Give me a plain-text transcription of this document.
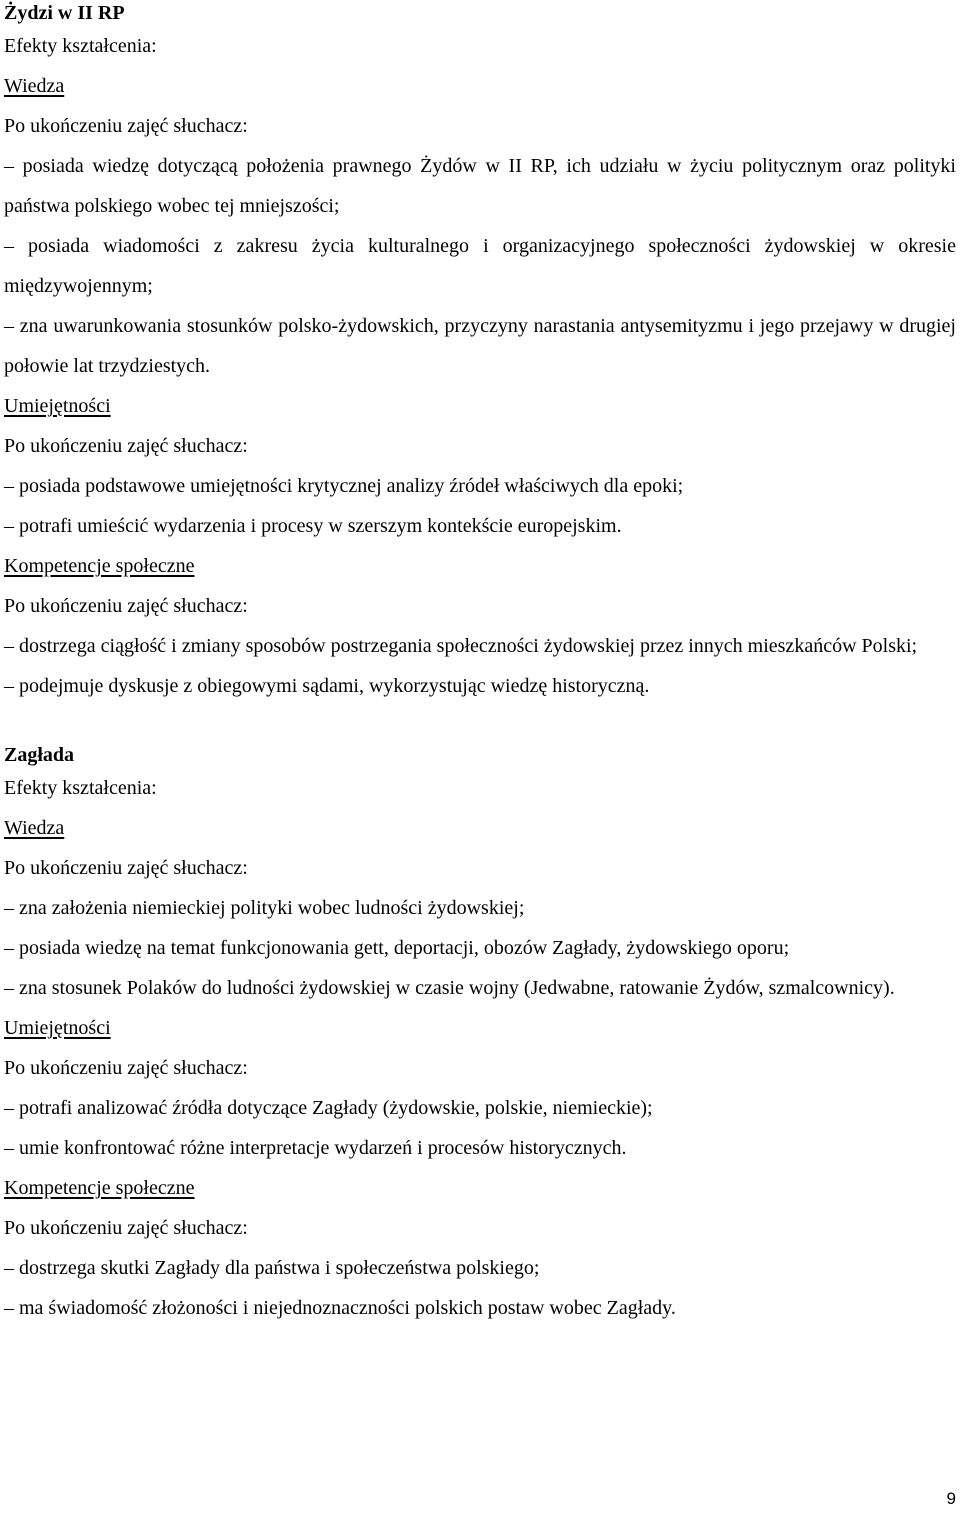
Żydzi w II RP
Efekty kształcenia:
Wiedza
Po ukończeniu zajęć słuchacz:
– posiada wiedzę dotyczącą położenia prawnego Żydów w II RP, ich udziału w życiu politycznym oraz polityki państwa polskiego wobec tej mniejszości;
– posiada wiadomości z zakresu życia kulturalnego i organizacyjnego społeczności żydowskiej w okresie międzywojennym;
– zna uwarunkowania stosunków polsko-żydowskich, przyczyny narastania antysemityzmu i jego przejawy w drugiej połowie lat trzydziestych.
Umiejętności
Po ukończeniu zajęć słuchacz:
– posiada podstawowe umiejętności krytycznej analizy źródeł właściwych dla epoki;
– potrafi umieścić wydarzenia i procesy w szerszym kontekście europejskim.
Kompetencje społeczne
Po ukończeniu zajęć słuchacz:
– dostrzega ciągłość i zmiany sposobów postrzegania społeczności żydowskiej przez innych mieszkańców Polski;
– podejmuje dyskusje z obiegowymi sądami, wykorzystując wiedzę historyczną.
Zagłada
Efekty kształcenia:
Wiedza
Po ukończeniu zajęć słuchacz:
– zna założenia niemieckiej polityki wobec ludności żydowskiej;
– posiada wiedzę na temat funkcjonowania gett, deportacji, obozów Zagłady, żydowskiego oporu;
– zna stosunek Polaków do ludności żydowskiej w czasie wojny (Jedwabne, ratowanie Żydów, szmalcownicy).
Umiejętności
Po ukończeniu zajęć słuchacz:
– potrafi analizować źródła dotyczące Zagłady (żydowskie, polskie, niemieckie);
– umie konfrontować różne interpretacje wydarzeń i procesów historycznych.
Kompetencje społeczne
Po ukończeniu zajęć słuchacz:
– dostrzega skutki Zagłady dla państwa i społeczeństwa polskiego;
– ma świadomość złożoności i niejednoznaczności polskich postaw wobec Zagłady.
9
